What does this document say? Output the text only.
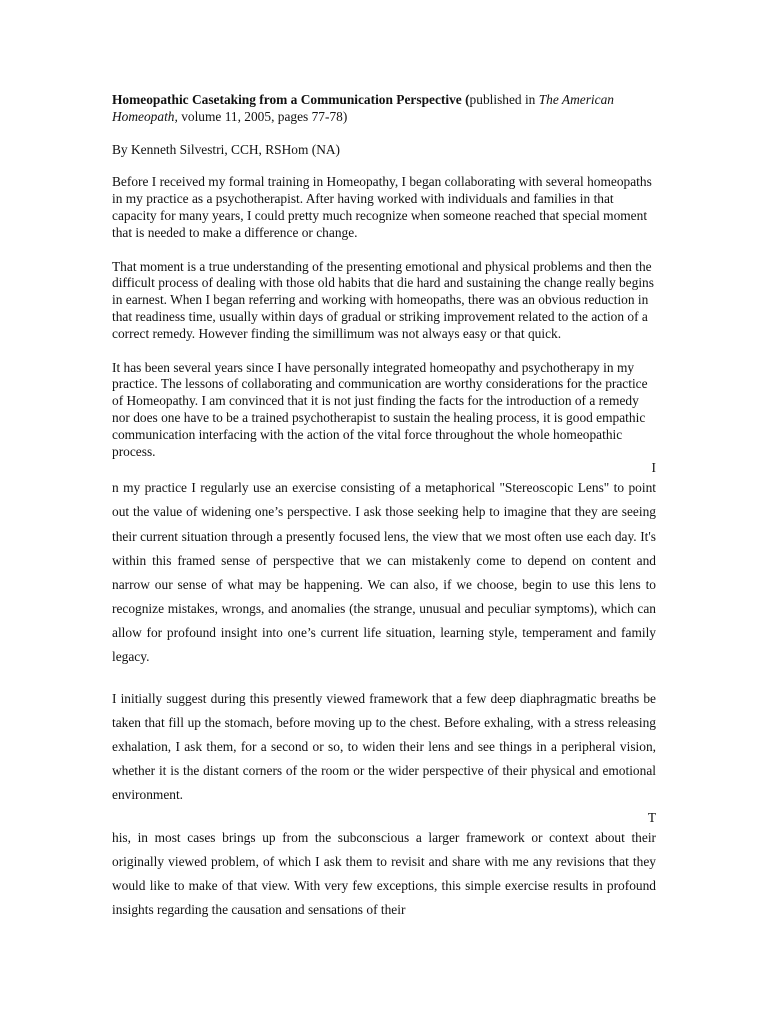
Homeopathic Casetaking from a Communication Perspective (published in The American Homeopath, volume 11, 2005, pages 77-78)

By Kenneth Silvestri, CCH, RSHom (NA)

Before I received my formal training in Homeopathy, I began collaborating with several homeopaths in my practice as a psychotherapist. After having worked with individuals and families in that capacity for many years, I could pretty much recognize when someone reached that special moment that is needed to make a difference or change.

That moment is a true understanding of the presenting emotional and physical problems and then the difficult process of dealing with those old habits that die hard and sustaining the change really begins in earnest. When I began referring and working with homeopaths, there was an obvious reduction in that readiness time, usually within days of gradual or striking improvement related to the action of a correct remedy. However finding the simillimum was not always easy or that quick.

It has been several years since I have personally integrated homeopathy and psychotherapy in my practice. The lessons of collaborating and communication are worthy considerations for the practice of Homeopathy. I am convinced that it is not just finding the facts for the introduction of a remedy nor does one have to be a trained psychotherapist to sustain the healing process, it is good empathic communication interfacing with the action of the vital force throughout the whole homeopathic process.

I

n my practice I regularly use an exercise consisting of a metaphorical "Stereoscopic Lens" to point out the value of widening one’s perspective. I ask those seeking help to imagine that they are seeing their current situation through a presently focused lens, the view that we most often use each day. It's within this framed sense of perspective that we can mistakenly come to depend on content and narrow our sense of what may be happening. We can also, if we choose, begin to use this lens to recognize mistakes, wrongs, and anomalies (the strange, unusual and peculiar symptoms), which can allow for profound insight into one’s current life situation, learning style, temperament and family legacy.

I initially suggest during this presently viewed framework that a few deep diaphragmatic breaths be taken that fill up the stomach, before moving up to the chest. Before exhaling, with a stress releasing exhalation, I ask them, for a second or so, to widen their lens and see things in a peripheral vision, whether it is the distant corners of the room or the wider perspective of their physical and emotional environment.

T

his, in most cases brings up from the subconscious a larger framework or context about their originally viewed problem, of which I ask them to revisit and share with me any revisions that they would like to make of that view. With very few exceptions, this simple exercise results in profound insights regarding the causation and sensations of their
